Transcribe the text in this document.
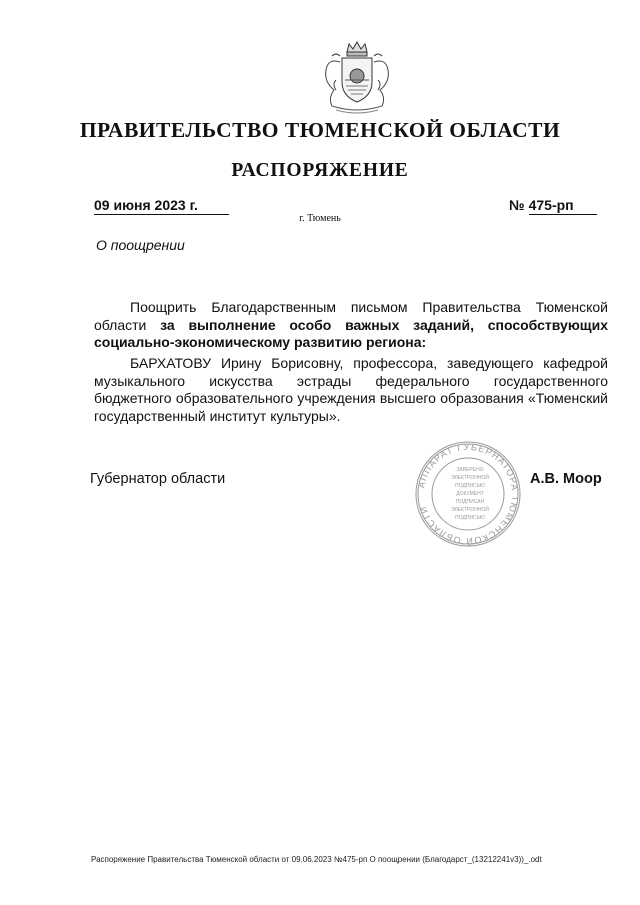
ПРАВИТЕЛЬСТВО ТЮМЕНСКОЙ ОБЛАСТИ
РАСПОРЯЖЕНИЕ
09 июня 2023 г.	№ 475-рп
г. Тюмень
О поощрении
Поощрить Благодарственным письмом Правительства Тюменской области за выполнение особо важных заданий, способствующих социально-экономическому развитию региона:
БАРХАТОВУ Ирину Борисовну, профессора, заведующего кафедрой музыкального искусства эстрады федерального государственного бюджетного образовательного учреждения высшего образования «Тюменский государственный институт культуры».
Губернатор области	АППАРАТ ГУБЕРНАТОРА ТЮМЕНСКОЙ ОБЛАСТИ
ЗАВЕРЕНО
ЭЛЕКТРОННОЙ
ПОДПИСЬЮ
ДОКУМЕНТ
ПОДПИСАН
ЭЛЕКТРОННОЙ
ПОДПИСЬЮ
А.В. Моор
Распоряжение Правительства Тюменской области от 09.06.2023 №475-рп О поощрении (Благодарст_(13212241v3))_.odt
